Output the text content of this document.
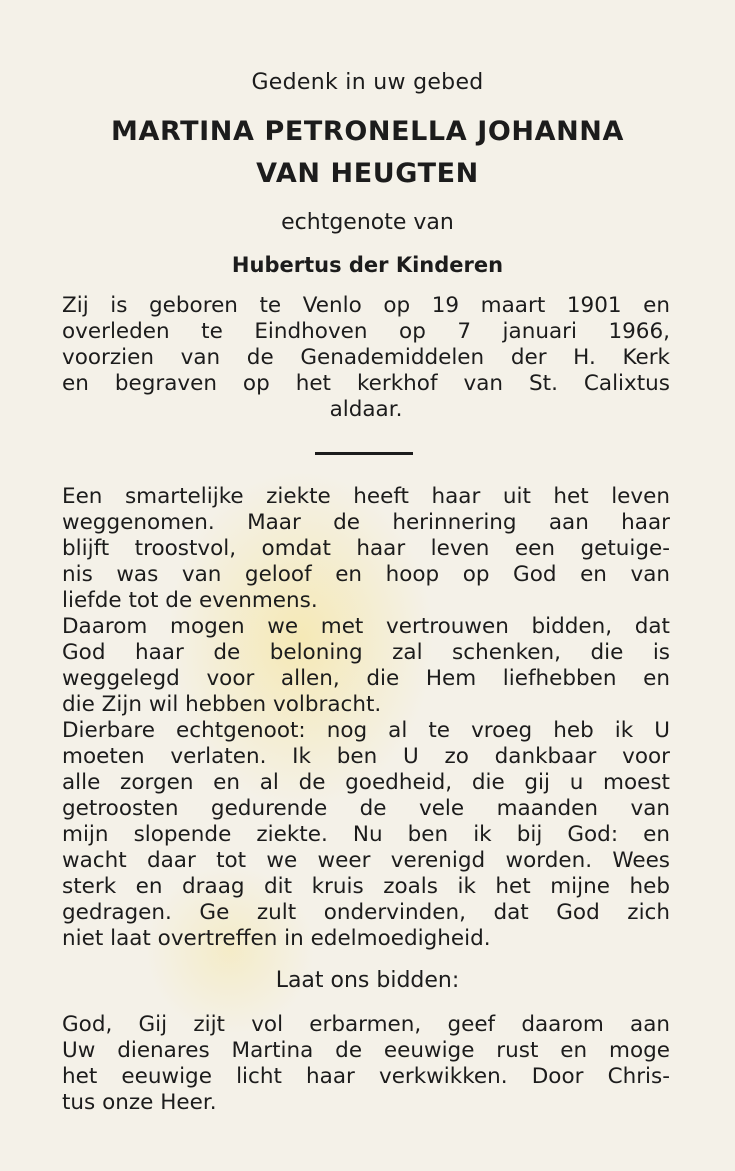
Gedenk in uw gebed
MARTINA PETRONELLA JOHANNA
VAN HEUGTEN
echtgenote van
Hubertus der Kinderen
Zij is geboren te Venlo op 19 maart 1901 en
overleden te Eindhoven op 7 januari 1966,
voorzien van de Genademiddelen der H. Kerk
en begraven op het kerkhof van St. Calixtus
aldaar.
Een smartelijke ziekte heeft haar uit het leven
weggenomen. Maar de herinnering aan haar
blijft troostvol, omdat haar leven een getuige-
nis was van geloof en hoop op God en van
liefde tot de evenmens.
Daarom mogen we met vertrouwen bidden, dat
God haar de beloning zal schenken, die is
weggelegd voor allen, die Hem liefhebben en
die Zijn wil hebben volbracht.
Dierbare echtgenoot: nog al te vroeg heb ik U
moeten verlaten. Ik ben U zo dankbaar voor
alle zorgen en al de goedheid, die gij u moest
getroosten gedurende de vele maanden van
mijn slopende ziekte. Nu ben ik bij God: en
wacht daar tot we weer verenigd worden. Wees
sterk en draag dit kruis zoals ik het mijne heb
gedragen. Ge zult ondervinden, dat God zich
niet laat overtreffen in edelmoedigheid.
Laat ons bidden:
God, Gij zijt vol erbarmen, geef daarom aan
Uw dienares Martina de eeuwige rust en moge
het eeuwige licht haar verkwikken. Door Chris-
tus onze Heer.
